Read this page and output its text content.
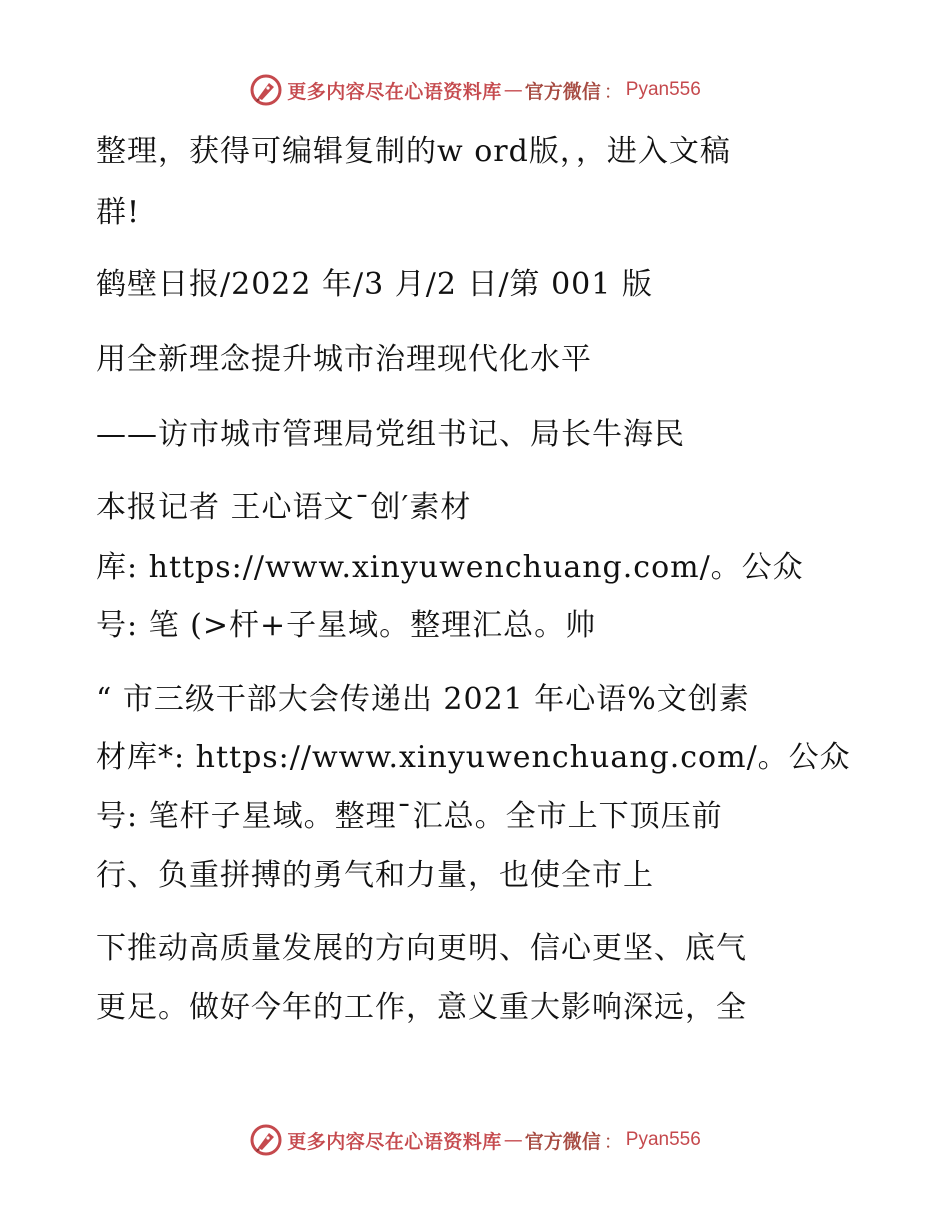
更多内容尽在心语资料库 — 官方微信 ： Pyan556
整理，获得可编辑复制的w ord版，，进入文稿
群!
鹤壁日报/2022 年/3 月/2 日/第 001 版
用全新理念提升城市治理现代化水平
——访市城市管理局党组书记、局长牛海民
本报记者 王心语文¯创′素材
库: https://www.xinyuwenchuang.com/。公众
号: 笔 (>杆+子星域。整理汇总。帅
“ 市三级干部大会传递出 2021 年心语%文创素
材库*: https://www.xinyuwenchuang.com/。公众
号: 笔杆子星域。整理¯汇总。全市上下顶压前
行、负重拼搏的勇气和力量，也使全市上
下推动高质量发展的方向更明、信心更坚、底气
更足。做好今年的工作，意义重大影响深远，全
更多内容尽在心语资料库 — 官方微信 ： Pyan556
